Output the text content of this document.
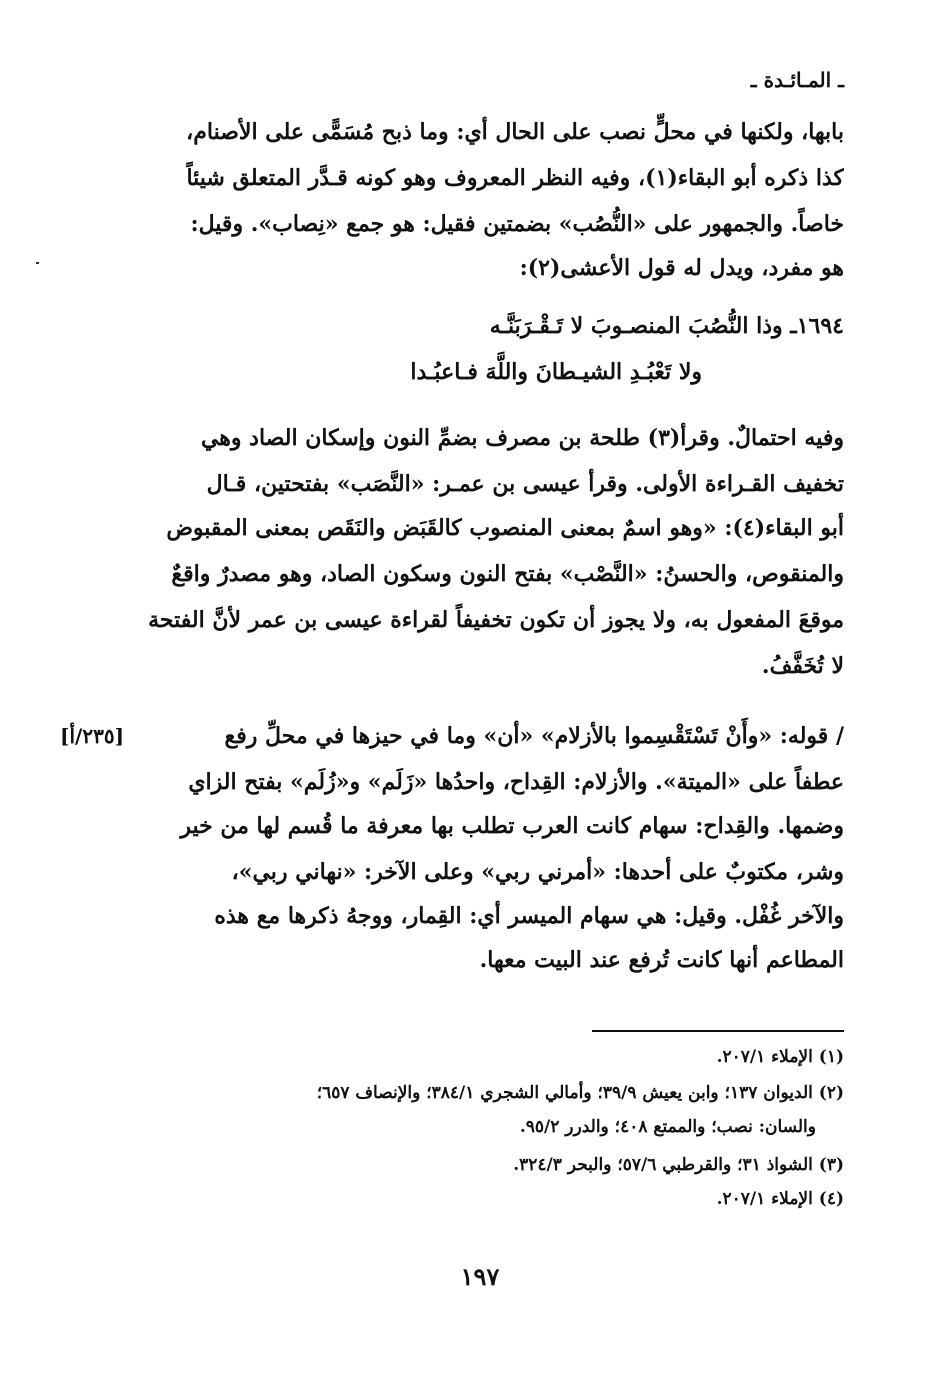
ـ المـائـدة ـ
بابها، ولكنها في محلٍّ نصب على الحال أي: وما ذبح مُسَمًّى على الأصنام،
كذا ذكره أبو البقاء(١)، وفيه النظر المعروف وهو كونه قـدَّر المتعلق شيئاً
خاصاً. والجمهور على «النُّصُب» بضمتين فقيل: هو جمع «نِصاب». وقيل:
هو مفرد، ويدل له قول الأعشى(٢):
١٦٩٤ـ وذا النُّصُبَ المنصـوبَ لا تَـقْـرَبَنَّـه
ولا تَعْبُـدِ الشيـطانَ واللَّهَ فـاعبُـدا
وفيه احتمالٌ. وقرأ(٣) طلحة بن مصرف بضمِّ النون وإسكان الصاد وهي
تخفيف القـراءة الأولى. وقرأ عيسى بن عمـر: «النَّصَب» بفتحتين، قـال
أبو البقاء(٤): «وهو اسمٌ بمعنى المنصوب كالقَبَض والنَقَص بمعنى المقبوض
والمنقوص، والحسنُ: «النَّصْب» بفتح النون وسكون الصاد، وهو مصدرٌ واقعٌ
موقعَ المفعول به، ولا يجوز أن تكون تخفيفاً لقراءة عيسى بن عمر لأنَّ الفتحة
لا تُخَفَّفُ.
[٢٣٥/أ]	/ قوله: «وأَنْ تَسْتَقْسِموا بالأزلام» «أن» وما في حيزها في محلِّ رفع
عطفاً على «الميتة». والأزلام: القِداح، واحدُها «زَلَم» و«زُلَم» بفتح الزاي
وضمها. والقِداح: سهام كانت العرب تطلب بها معرفة ما قُسم لها من خير
وشر، مكتوبٌ على أحدها: «أمرني ربي» وعلى الآخر: «نهاني ربي»،
والآخر غُفْل. وقيل: هي سهام الميسر أي: القِمار، ووجهُ ذكرها مع هذه
المطاعم أنها كانت تُرفع عند البيت معها.
(١) الإملاء ٢٠٧/١.
(٢) الديوان ١٣٧؛ وابن يعيش ٣٩/٩؛ وأمالي الشجري ٣٨٤/١؛ والإنصاف ٦٥٧؛
والسان: نصب؛ والممتع ٤٠٨؛ والدرر ٩٥/٢.
(٣) الشواذ ٣١؛ والقرطبي ٥٧/٦؛ والبحر ٣٢٤/٣.
(٤) الإملاء ٢٠٧/١.
١٩٧
